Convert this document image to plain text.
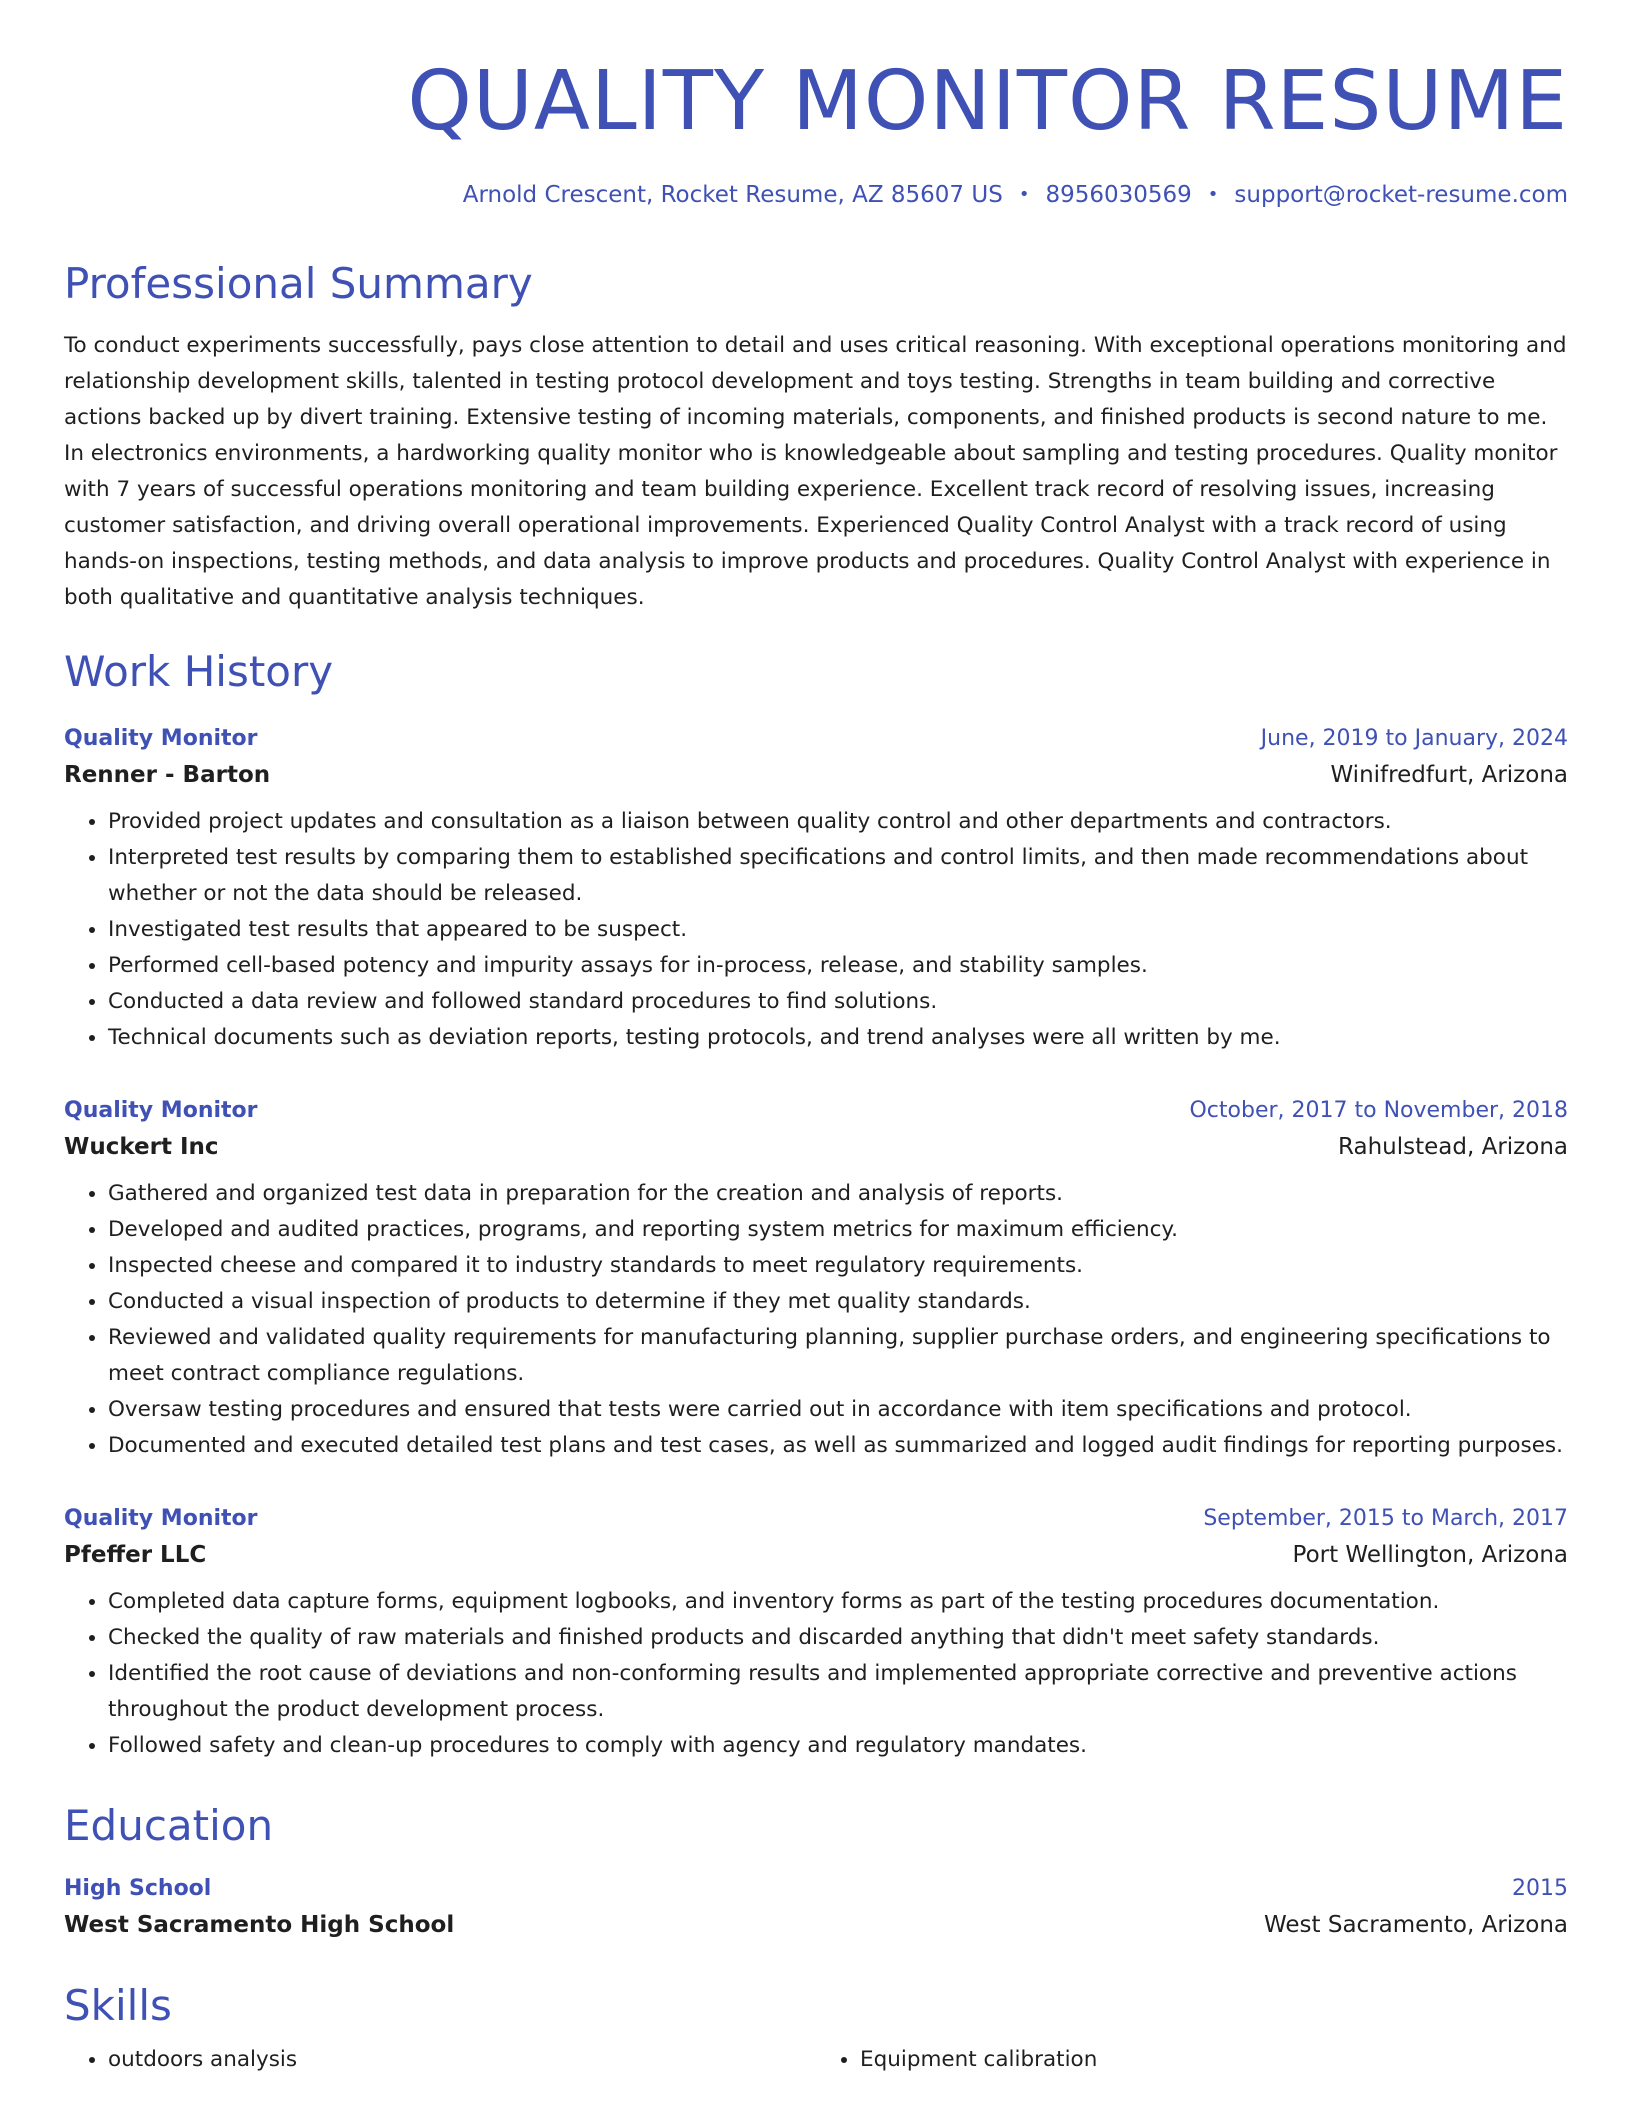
QUALITY MONITOR RESUME
Arnold Crescent, Rocket Resume, AZ 85607 US • 8956030569 • support@rocket-resume.com
Professional Summary
To conduct experiments successfully, pays close attention to detail and uses critical reasoning. With exceptional operations monitoring and relationship development skills, talented in testing protocol development and toys testing. Strengths in team building and corrective actions backed up by divert training. Extensive testing of incoming materials, components, and finished products is second nature to me. In electronics environments, a hardworking quality monitor who is knowledgeable about sampling and testing procedures. Quality monitor with 7 years of successful operations monitoring and team building experience. Excellent track record of resolving issues, increasing customer satisfaction, and driving overall operational improvements. Experienced Quality Control Analyst with a track record of using hands-on inspections, testing methods, and data analysis to improve products and procedures. Quality Control Analyst with experience in both qualitative and quantitative analysis techniques.
Work History
Quality Monitor	June, 2019 to January, 2024
Renner - Barton	Winifredfurt, Arizona
• Provided project updates and consultation as a liaison between quality control and other departments and contractors.
• Interpreted test results by comparing them to established specifications and control limits, and then made recommendations about whether or not the data should be released.
• Investigated test results that appeared to be suspect.
• Performed cell-based potency and impurity assays for in-process, release, and stability samples.
• Conducted a data review and followed standard procedures to find solutions.
• Technical documents such as deviation reports, testing protocols, and trend analyses were all written by me.
Quality Monitor	October, 2017 to November, 2018
Wuckert Inc	Rahulstead, Arizona
• Gathered and organized test data in preparation for the creation and analysis of reports.
• Developed and audited practices, programs, and reporting system metrics for maximum efficiency.
• Inspected cheese and compared it to industry standards to meet regulatory requirements.
• Conducted a visual inspection of products to determine if they met quality standards.
• Reviewed and validated quality requirements for manufacturing planning, supplier purchase orders, and engineering specifications to meet contract compliance regulations.
• Oversaw testing procedures and ensured that tests were carried out in accordance with item specifications and protocol.
• Documented and executed detailed test plans and test cases, as well as summarized and logged audit findings for reporting purposes.
Quality Monitor	September, 2015 to March, 2017
Pfeffer LLC	Port Wellington, Arizona
• Completed data capture forms, equipment logbooks, and inventory forms as part of the testing procedures documentation.
• Checked the quality of raw materials and finished products and discarded anything that didn't meet safety standards.
• Identified the root cause of deviations and non-conforming results and implemented appropriate corrective and preventive actions throughout the product development process.
• Followed safety and clean-up procedures to comply with agency and regulatory mandates.
Education
High School	2015
West Sacramento High School	West Sacramento, Arizona
Skills
• outdoors analysis
•	Equipment calibration
